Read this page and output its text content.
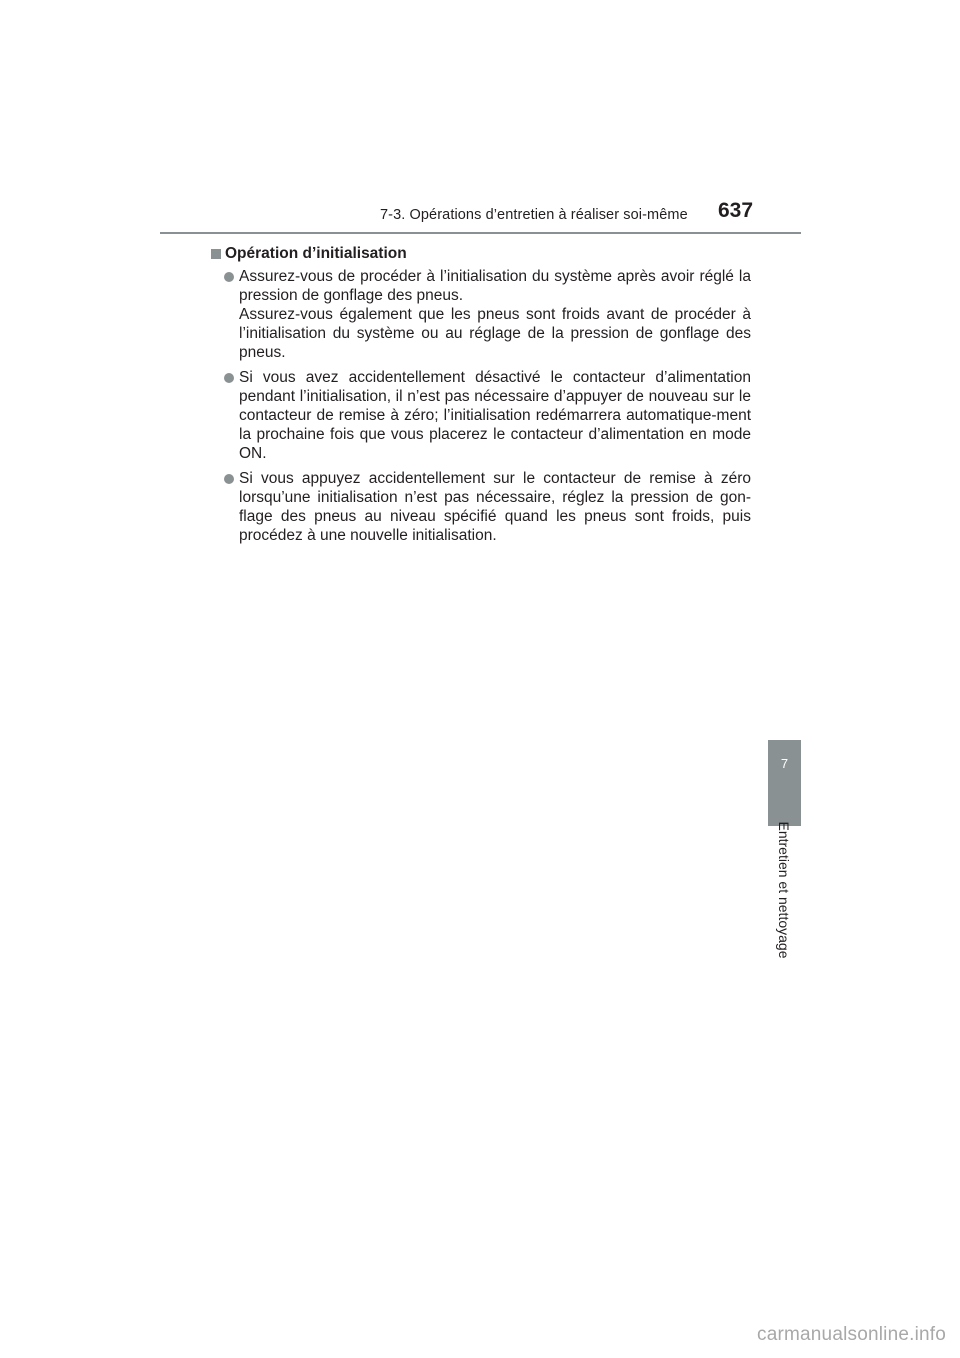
7-3. Opérations d’entretien à réaliser soi-même 637
Opération d’initialisation
Assurez-vous de procéder à l’initialisation du système après avoir réglé la pression de gonflage des pneus.
Assurez-vous également que les pneus sont froids avant de procéder à l’initialisation du système ou au réglage de la pression de gonflage des pneus.
Si vous avez accidentellement désactivé le contacteur d’alimentation pendant l’initialisation, il n’est pas nécessaire d’appuyer de nouveau sur le contacteur de remise à zéro; l’initialisation redémarrera automatique-ment la prochaine fois que vous placerez le contacteur d’alimentation en mode ON.
Si vous appuyez accidentellement sur le contacteur de remise à zéro lorsqu’une initialisation n’est pas nécessaire, réglez la pression de gon-flage des pneus au niveau spécifié quand les pneus sont froids, puis procédez à une nouvelle initialisation.
7
Entretien et nettoyage
carmanualsonline.info
